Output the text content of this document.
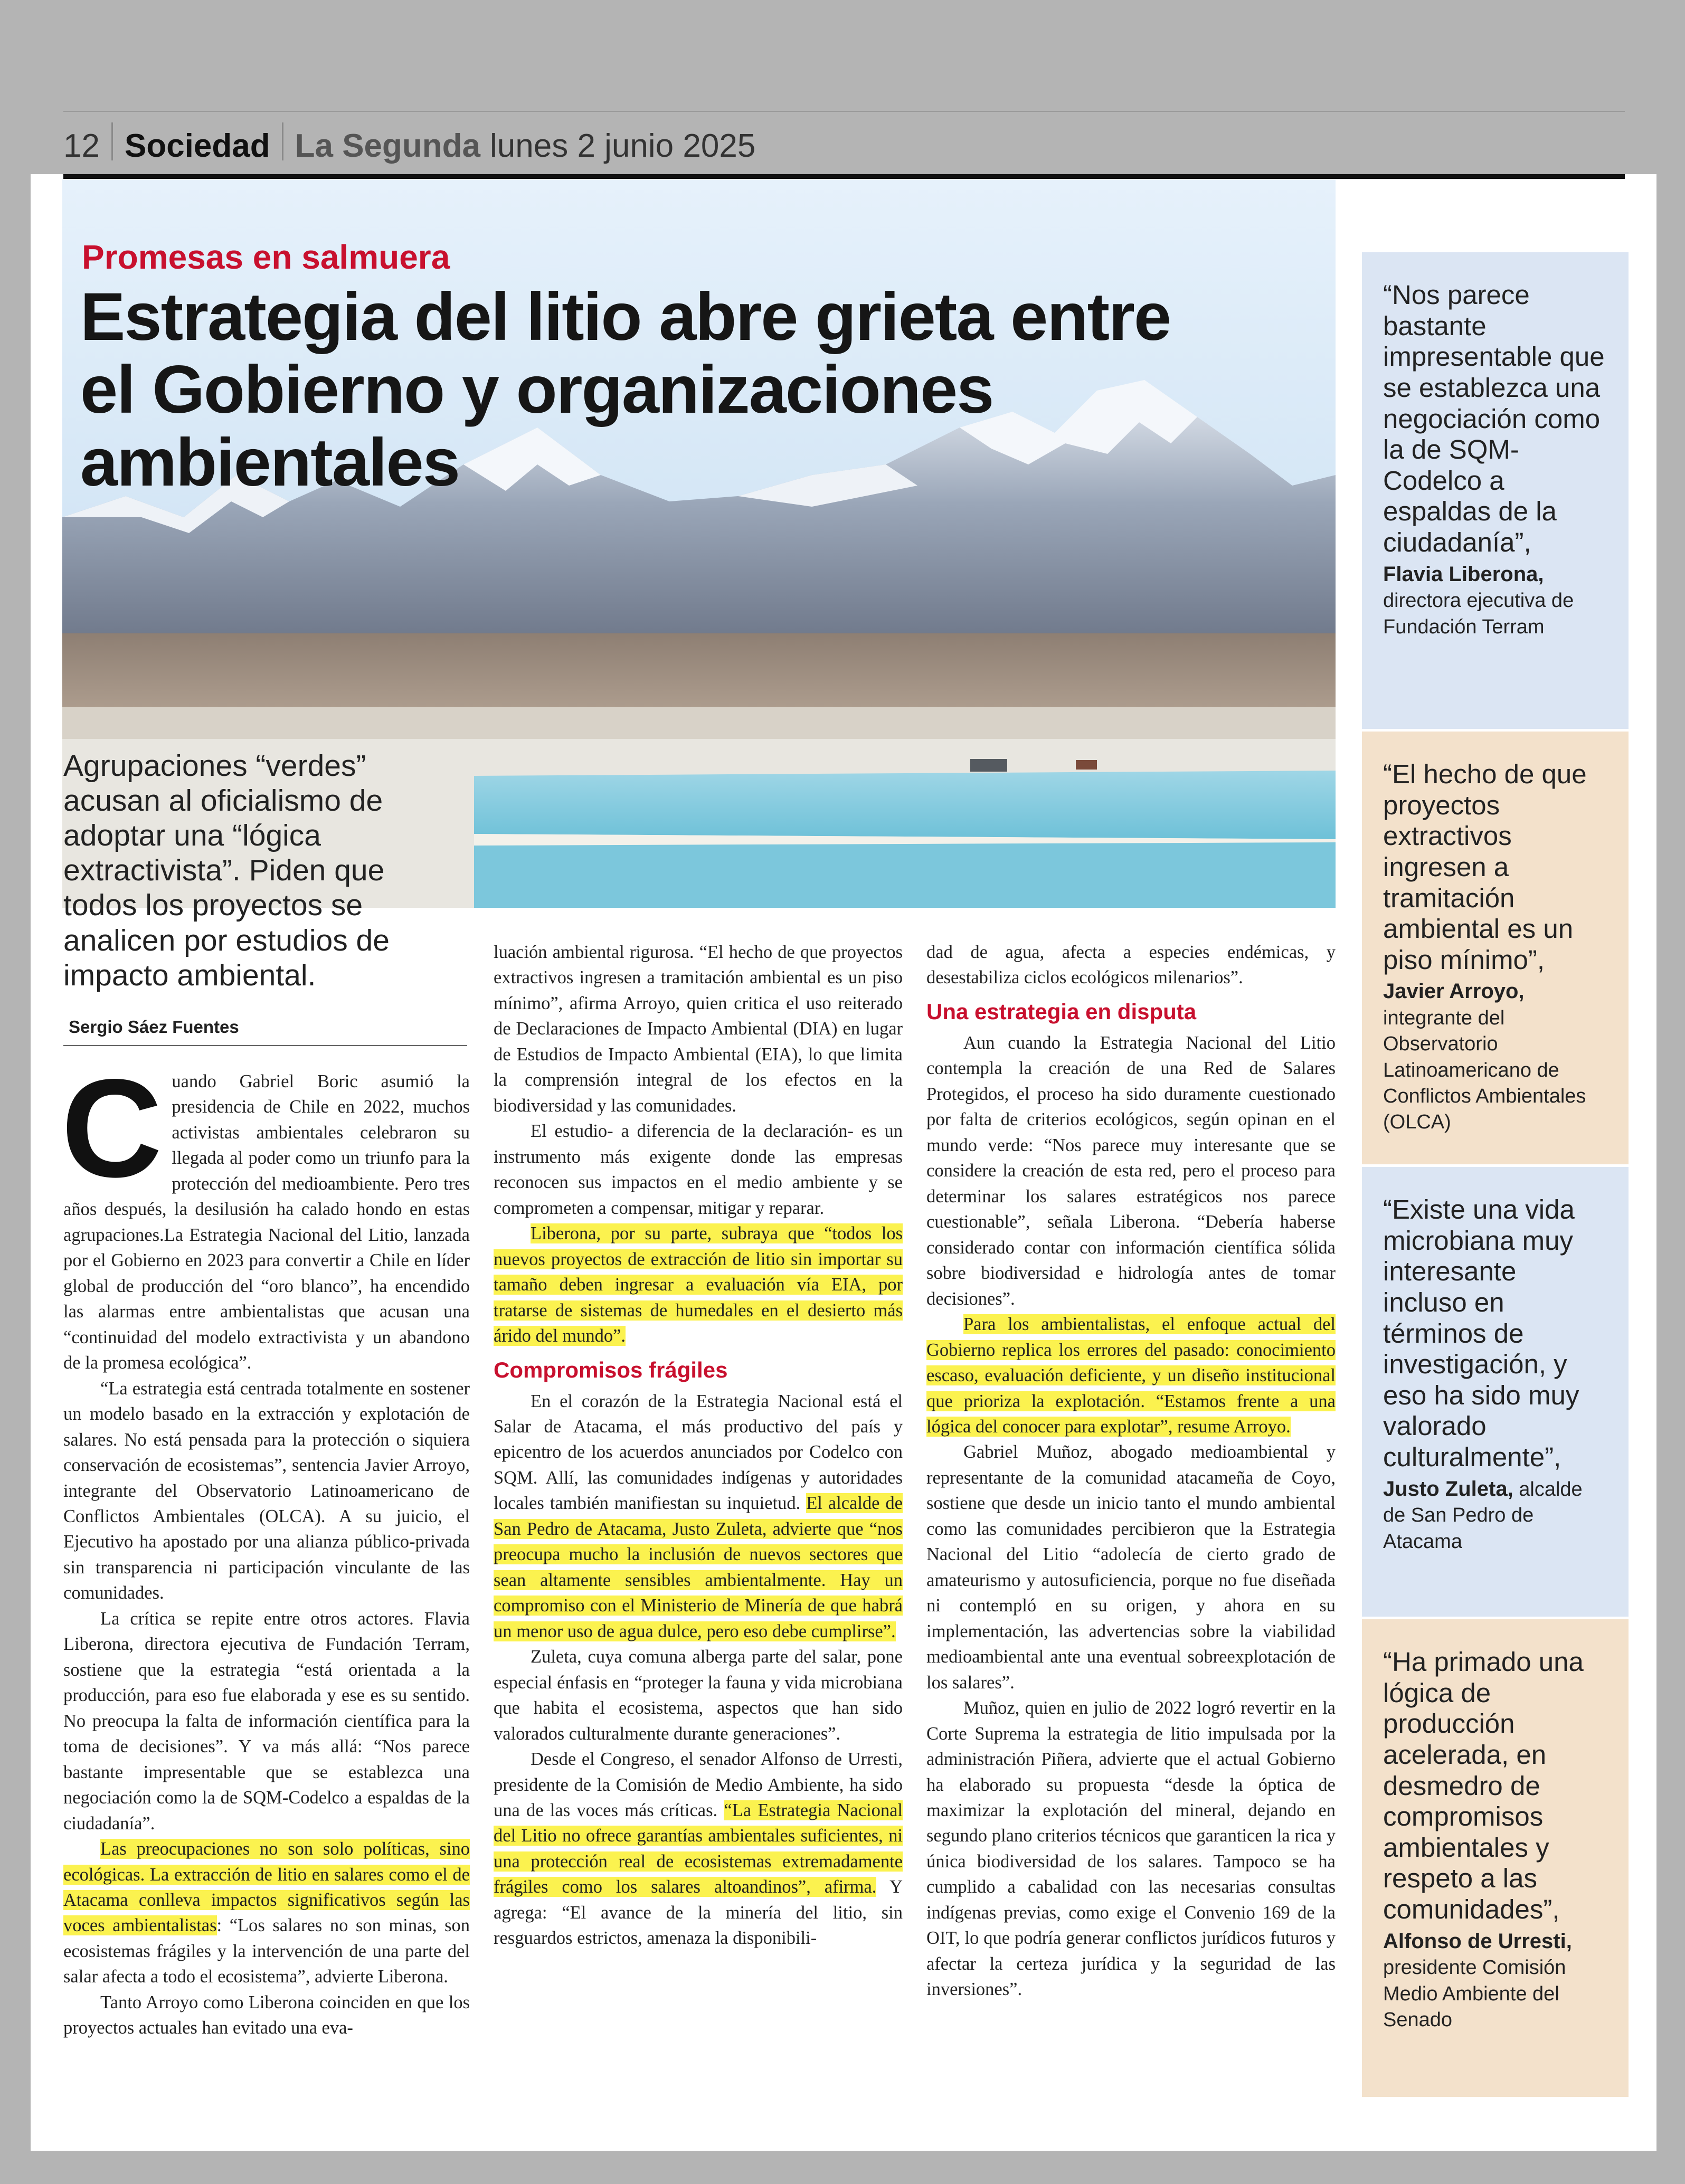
12 Sociedad La Segunda lunes 2 junio 2025
Promesas en salmuera
Estrategia del litio abre grieta entre el Gobierno y organizaciones ambientales

Agrupaciones “verdes” acusan al oficialismo de adoptar una “lógica extractivista”. Piden que todos los proyectos se analicen por estudios de impacto ambiental.

Sergio Sáez Fuentes

Cuando Gabriel Boric asumió la presidencia de Chile en 2022, muchos activistas ambientales celebraron su llegada al poder como un triunfo para la protección del medioambiente. Pero tres años después, la desilusión ha calado hondo en estas agrupaciones.La Estrategia Nacional del Litio, lanzada por el Gobierno en 2023 para convertir a Chile en líder global de producción del “oro blanco”, ha encendido las alarmas entre ambientalistas que acusan una “continuidad del modelo extractivista y un abandono de la promesa ecológica”.

“La estrategia está centrada totalmente en sostener un modelo basado en la extracción y explotación de salares. No está pensada para la protección o siquiera conservación de ecosistemas”, sentencia Javier Arroyo, integrante del Observatorio Latinoamericano de Conflictos Ambientales (OLCA). A su juicio, el Ejecutivo ha apostado por una alianza público-privada sin transparencia ni participación vinculante de las comunidades.

La crítica se repite entre otros actores. Flavia Liberona, directora ejecutiva de Fundación Terram, sostiene que la estrategia “está orientada a la producción, para eso fue elaborada y ese es su sentido. No preocupa la falta de información científica para la toma de decisiones”. Y va más allá: “Nos parece bastante impresentable que se establezca una negociación como la de SQM-Codelco a espaldas de la ciudadanía”.

Las preocupaciones no son solo políticas, sino ecológicas. La extracción de litio en salares como el de Atacama conlleva impactos significativos según las voces ambientalistas: “Los salares no son minas, son ecosistemas frágiles y la intervención de una parte del salar afecta a todo el ecosistema”, advierte Liberona.

Tanto Arroyo como Liberona coinciden en que los proyectos actuales han evitado una eva-

luación ambiental rigurosa. “El hecho de que proyectos extractivos ingresen a tramitación ambiental es un piso mínimo”, afirma Arroyo, quien critica el uso reiterado de Declaraciones de Impacto Ambiental (DIA) en lugar de Estudios de Impacto Ambiental (EIA), lo que limita la comprensión integral de los efectos en la biodiversidad y las comunidades.

El estudio- a diferencia de la declaración- es un instrumento más exigente donde las empresas reconocen sus impactos en el medio ambiente y se comprometen a compensar, mitigar y reparar.

Liberona, por su parte, subraya que “todos los nuevos proyectos de extracción de litio sin importar su tamaño deben ingresar a evaluación vía EIA, por tratarse de sistemas de humedales en el desierto más árido del mundo”.

Compromisos frágiles

En el corazón de la Estrategia Nacional está el Salar de Atacama, el más productivo del país y epicentro de los acuerdos anunciados por Codelco con SQM. Allí, las comunidades indígenas y autoridades locales también manifiestan su inquietud. El alcalde de San Pedro de Atacama, Justo Zuleta, advierte que “nos preocupa mucho la inclusión de nuevos sectores que sean altamente sensibles ambientalmente. Hay un compromiso con el Ministerio de Minería de que habrá un menor uso de agua dulce, pero eso debe cumplirse”.

Zuleta, cuya comuna alberga parte del salar, pone especial énfasis en “proteger la fauna y vida microbiana que habita el ecosistema, aspectos que han sido valorados culturalmente durante generaciones”.

Desde el Congreso, el senador Alfonso de Urresti, presidente de la Comisión de Medio Ambiente, ha sido una de las voces más críticas. “La Estrategia Nacional del Litio no ofrece garantías ambientales suficientes, ni una protección real de ecosistemas extremadamente frágiles como los salares altoandinos”, afirma. Y agrega: “El avance de la minería del litio, sin resguardos estrictos, amenaza la disponibili-

dad de agua, afecta a especies endémicas, y desestabiliza ciclos ecológicos milenarios”.

Una estrategia en disputa

Aun cuando la Estrategia Nacional del Litio contempla la creación de una Red de Salares Protegidos, el proceso ha sido duramente cuestionado por falta de criterios ecológicos, según opinan en el mundo verde: “Nos parece muy interesante que se considere la creación de esta red, pero el proceso para determinar los salares estratégicos nos parece cuestionable”, señala Liberona. “Debería haberse considerado contar con información científica sólida sobre biodiversidad e hidrología antes de tomar decisiones”.

Para los ambientalistas, el enfoque actual del Gobierno replica los errores del pasado: conocimiento escaso, evaluación deficiente, y un diseño institucional que prioriza la explotación. “Estamos frente a una lógica del conocer para explotar”, resume Arroyo.

Gabriel Muñoz, abogado medioambiental y representante de la comunidad atacameña de Coyo, sostiene que desde un inicio tanto el mundo ambiental como las comunidades percibieron que la Estrategia Nacional del Litio “adolecía de cierto grado de amateurismo y autosuficiencia, porque no fue diseñada ni contempló en su origen, y ahora en su implementación, las advertencias sobre la viabilidad medioambiental ante una eventual sobreexplotación de los salares”.

Muñoz, quien en julio de 2022 logró revertir en la Corte Suprema la estrategia de litio impulsada por la administración Piñera, advierte que el actual Gobierno ha elaborado su propuesta “desde la óptica de maximizar la explotación del mineral, dejando en segundo plano criterios técnicos que garanticen la rica y única biodiversidad de los salares. Tampoco se ha cumplido a cabalidad con las necesarias consultas indígenas previas, como exige el Convenio 169 de la OIT, lo que podría generar conflictos jurídicos futuros y afectar la certeza jurídica y la seguridad de las inversiones”.

“Nos parece bastante impresentable que se establezca una negociación como la de SQM-Codelco a espaldas de la ciudadanía”,

Flavia Liberona, directora ejecutiva de Fundación Terram

“El hecho de que proyectos extractivos ingresen a tramitación ambiental es un piso mínimo”,

Javier Arroyo, integrante del Observatorio Latinoamericano de Conflictos Ambientales (OLCA)

“Existe una vida microbiana muy interesante incluso en términos de investigación, y eso ha sido muy valorado culturalmente”,

Justo Zuleta, alcalde de San Pedro de Atacama

“Ha primado una lógica de producción acelerada, en desmedro de compromisos ambientales y respeto a las comunidades”,

Alfonso de Urresti, presidente Comisión Medio Ambiente del Senado
